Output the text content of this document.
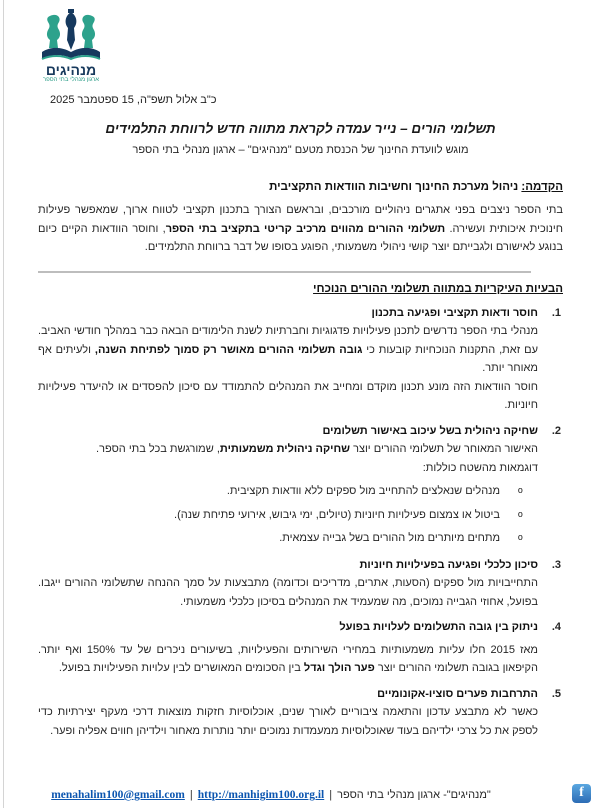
מנהיגים
ארגון מנהלי בתי הספר
כ"ב אלול תשפ"ה, 15 ספטמבר 2025
תשלומי הורים – נייר עמדה לקראת מתווה חדש לרווחת התלמידים
מוגש לוועדת החינוך של הכנסת מטעם "מנהיגים" – ארגון מנהלי בתי הספר
הקדמה: ניהול מערכת החינוך וחשיבות הוודאות התקציבית

בתי הספר ניצבים בפני אתגרים ניהוליים מורכבים, ובראשם הצורך בתכנון תקציבי לטווח ארוך, שמאפשר פעילות חינוכית איכותית ועשירה. תשלומי ההורים מהווים מרכיב קריטי בתקציב בתי הספר, וחוסר הוודאות הקיים כיום בנוגע לאישורם ולגבייתם יוצר קושי ניהולי משמעותי, הפוגע בסופו של דבר ברווחת התלמידים.

הבעיות העיקריות במתווה תשלומי ההורים הנוכחי
1.
חוסר ודאות תקציבי ופגיעה בתכנון

מנהלי בתי הספר נדרשים לתכנן פעילויות פדגוגיות וחברתיות לשנת הלימודים הבאה כבר במהלך חודשי האביב. עם זאת, התקנות הנוכחיות קובעות כי גובה תשלומי ההורים מאושר רק סמוך לפתיחת השנה, ולעיתים אף מאוחר יותר.

חוסר הוודאות הזה מונע תכנון מוקדם ומחייב את המנהלים להתמודד עם סיכון להפסדים או להיעדר פעילויות חיוניות.

2.
שחיקה ניהולית בשל עיכוב באישור תשלומים

האישור המאוחר של תשלומי ההורים יוצר שחיקה ניהולית משמעותית, שמורגשת בכל בתי הספר.

דוגמאות מהשטח כוללות:

o
מנהלים שנאלצים להתחייב מול ספקים ללא וודאות תקציבית.
o
ביטול או צמצום פעילויות חיוניות (טיולים, ימי גיבוש, אירועי פתיחת שנה).
o
מתחים מיותרים מול ההורים בשל גבייה עצמאית.
3.
סיכון כלכלי ופגיעה בפעילויות חיוניות

התחייבויות מול ספקים (הסעות, אתרים, מדריכים וכדומה) מתבצעות על סמך ההנחה שתשלומי ההורים ייגבו. בפועל, אחוזי הגבייה נמוכים, מה שמעמיד את המנהלים בסיכון כלכלי משמעותי.

4.
ניתוק בין גובה התשלומים לעלויות בפועל

מאז 2015 חלו עליות משמעותיות במחירי השירותים והפעילויות, בשיעורים ניכרים של עד 150% ואף יותר. הקיפאון בגובה תשלומי ההורים יוצר פער הולך וגדל בין הסכומים המאושרים לבין עלויות הפעילויות בפועל.

5.
התרחבות פערים סוציו-אקונומיים

כאשר לא מתבצע עדכון והתאמה ציבוריים לאורך שנים, אוכלוסיות חזקות מוצאות דרכי מעקף יצירתיות כדי לספק את כל צרכי ילדיהם בעוד שאוכלוסיות ממעמדות נמוכים יותר נותרות מאחור וילדיהן חווים אפליה ופער.

"מנהיגים"- ארגון מנהלי בתי הספר|http://manhigim100.org.il|menahalim100@gmail.com	f
